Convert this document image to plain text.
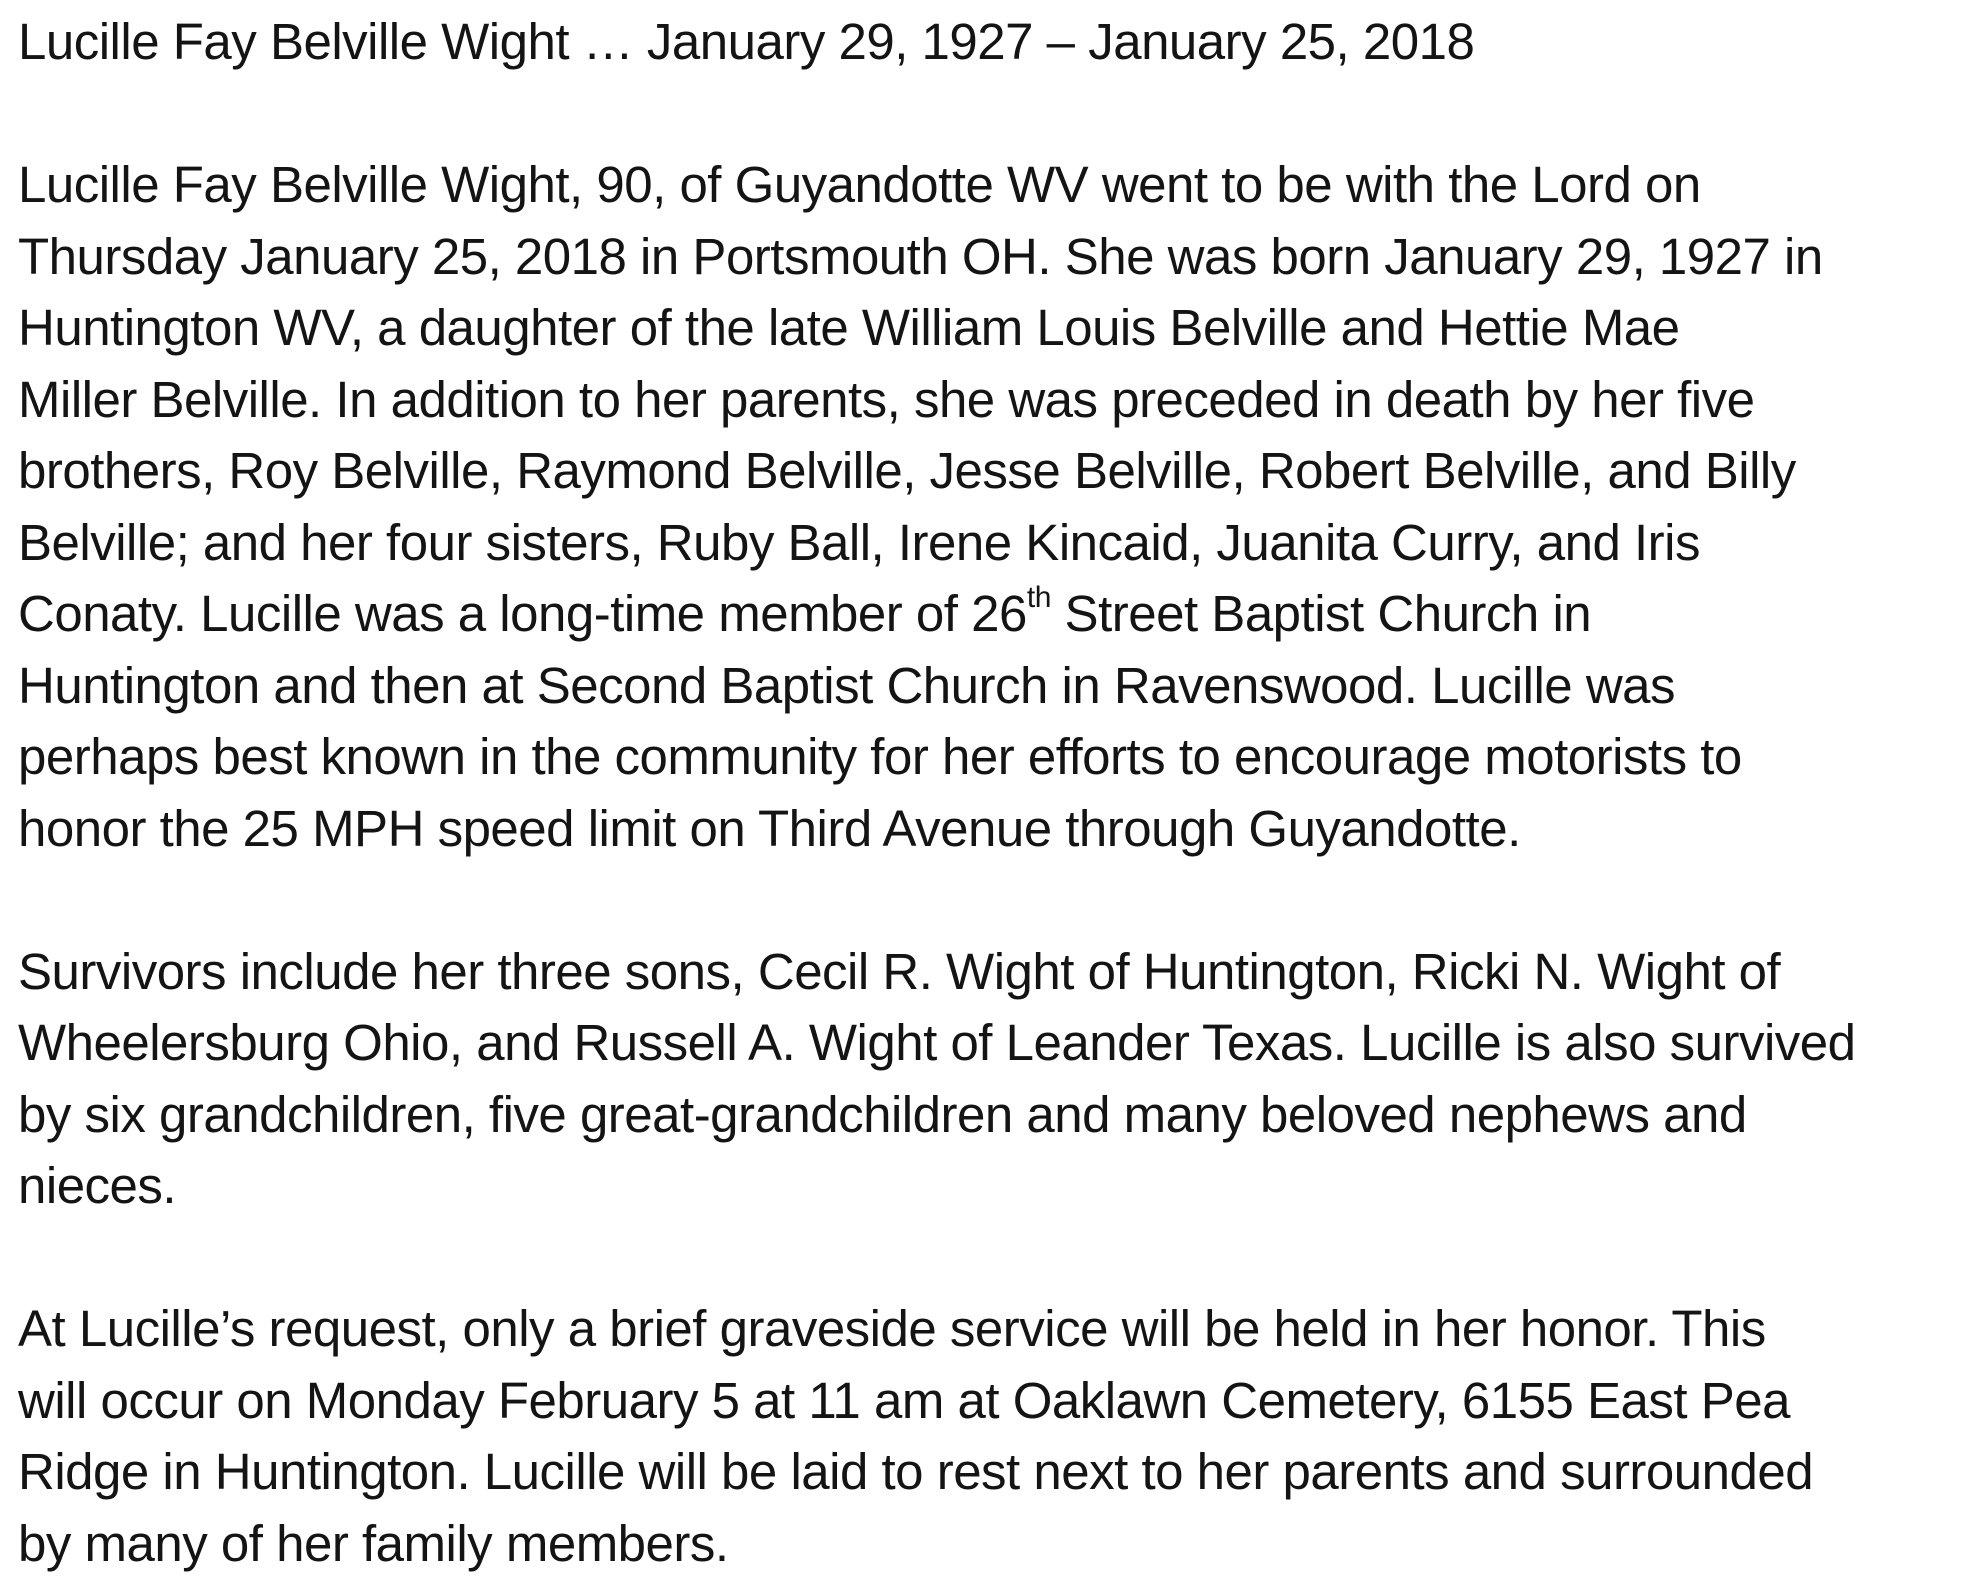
Lucille Fay Belville Wight … January 29, 1927 – January 25, 2018
Lucille Fay Belville Wight, 90, of Guyandotte WV went to be with the Lord on
Thursday January 25, 2018 in Portsmouth OH. She was born January 29, 1927 in
Huntington WV, a daughter of the late William Louis Belville and Hettie Mae
Miller Belville. In addition to her parents, she was preceded in death by her five
brothers, Roy Belville, Raymond Belville, Jesse Belville, Robert Belville, and Billy
Belville; and her four sisters, Ruby Ball, Irene Kincaid, Juanita Curry, and Iris
Conaty. Lucille was a long-time member of 26th Street Baptist Church in
Huntington and then at Second Baptist Church in Ravenswood. Lucille was
perhaps best known in the community for her efforts to encourage motorists to
honor the 25 MPH speed limit on Third Avenue through Guyandotte.
Survivors include her three sons, Cecil R. Wight of Huntington, Ricki N. Wight of
Wheelersburg Ohio, and Russell A. Wight of Leander Texas. Lucille is also survived
by six grandchildren, five great-grandchildren and many beloved nephews and
nieces.
At Lucille’s request, only a brief graveside service will be held in her honor. This
will occur on Monday February 5 at 11 am at Oaklawn Cemetery, 6155 East Pea
Ridge in Huntington. Lucille will be laid to rest next to her parents and surrounded
by many of her family members.
